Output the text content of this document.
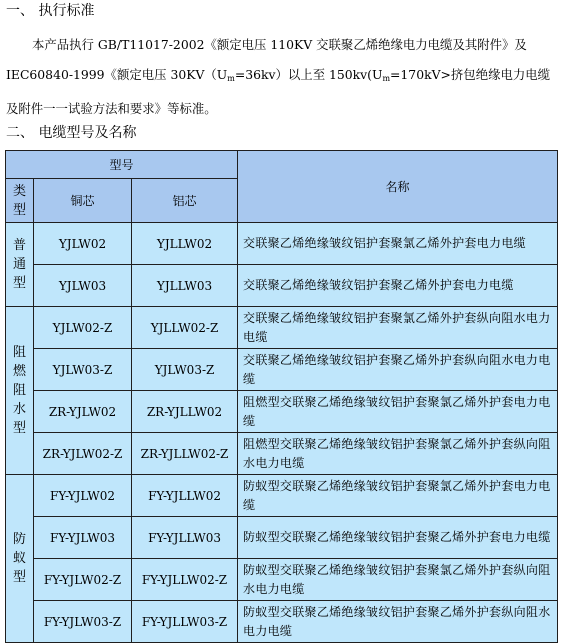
一、 执行标准
本产品执行 GB/T11017-2002《额定电压 110KV 交联聚乙烯绝缘电力电缆及其附件》及
IEC60840-1999《额定电压 $30KV(U_m=36kv)$以上至 $150kv(U_m=170kV>$挤包绝缘电力电缆
及附件一一试验方法和要求》等标准。
二、 电缆型号及名称
型号			名称
类型	铜芯	铝芯	
普通型	YJLW02	YJLLW02	交联聚乙烯绝缘皱纹铝护套聚氯乙烯外护套电力电缆
	YJLW03	YJLLW03	交联聚乙烯绝缘皱纹铝护套聚乙烯外护套电力电缆
阻燃阻水型	YJLW02-Z	YJLLW02-Z	交联聚乙烯绝缘皱纹铝护套聚氯乙烯外护套纵向阻水电力电缆
	YJLW03-Z	YJLW03-Z	交联聚乙烯绝缘皱纹铝护套聚乙烯外护套纵向阻水电力电缆
	ZR-YJLW02	ZR-YJLLW02	阻燃型交联聚乙烯绝缘皱纹铝护套聚氯乙烯外护套电力电缆
	ZR-YJLW02-Z	ZR-YJLLW02-Z	阻燃型交联聚乙烯绝缘皱纹铝护套聚氯乙烯外护套纵向阻水电力电缆
防蚁型	FY-YJLW02	FY-YJLLW02	防蚁型交联聚乙烯绝缘皱纹铝护套聚氯乙烯外护套电力电缆
	FY-YJLW03	FY-YJLLW03	防蚁型交联聚乙烯绝缘皱纹铝护套聚乙烯外护套电力电缆
	FY-YJLW02-Z	FY-YJLLW02-Z	防蚁型交联聚乙烯绝缘皱纹铝护套聚氯乙烯外护套纵向阻水电力电缆
	FY-YJLW03-Z	FY-YJLLW03-Z	防蚁型交联聚乙烯绝缘皱纹铝护套聚乙烯外护套纵向阻水电力电缆
